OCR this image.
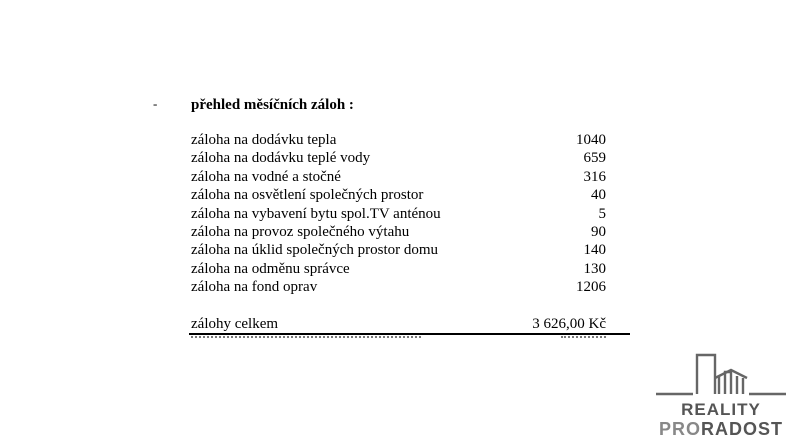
- přehled měsíčních záloh :
záloha na dodávku tepla	1040
záloha na dodávku teplé vody	659
záloha na vodné a stočné	316
záloha na osvětlení společných prostor	40
záloha na vybavení bytu spol.TV anténou	5
záloha na provoz společného výtahu	90
záloha na úklid společných prostor domu	140
záloha na odměnu správce	130
záloha na fond oprav	1206
zálohy celkem	3 626,00 Kč
REALITY
PRORADOST
